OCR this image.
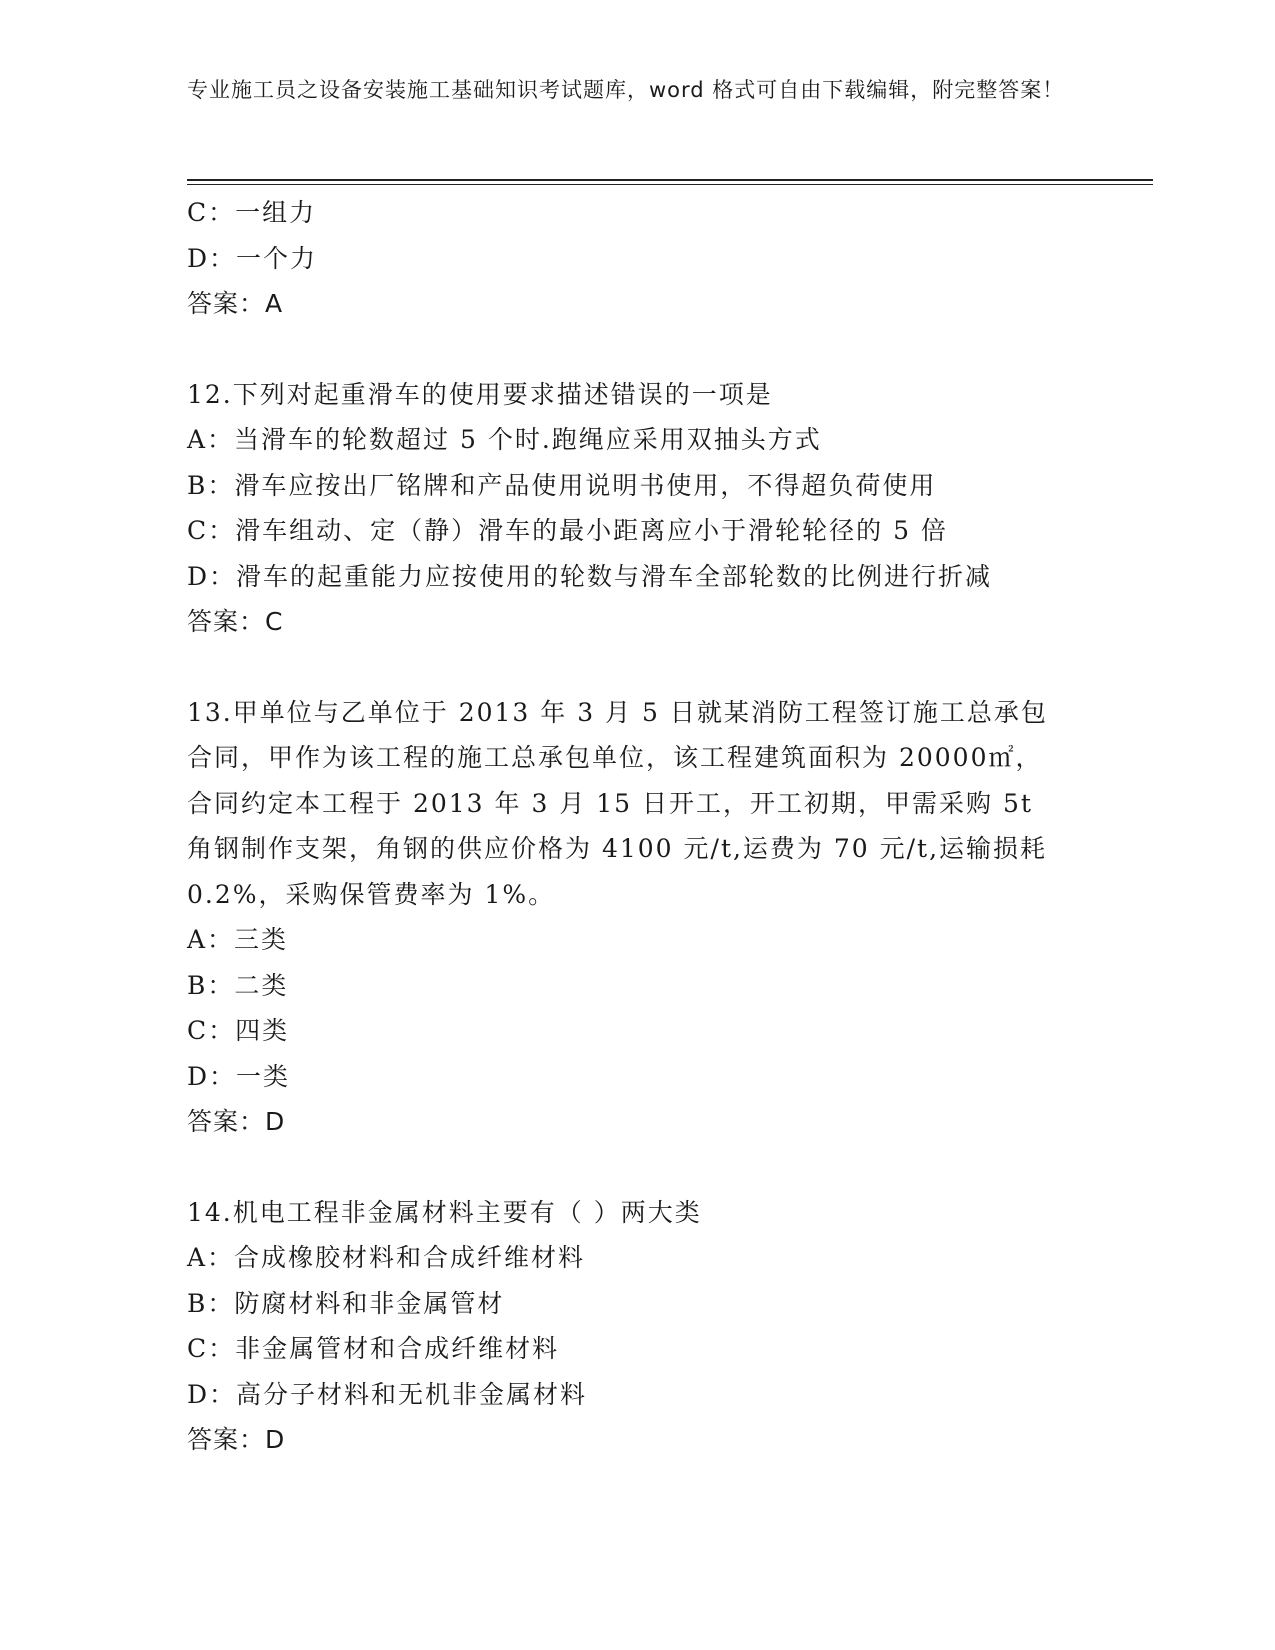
专业施工员之设备安装施工基础知识考试题库，word 格式可自由下载编辑，附完整答案！
C：一组力
D：一个力
答案：A
12.下列对起重滑车的使用要求描述错误的一项是
A：当滑车的轮数超过 5 个时.跑绳应采用双抽头方式
B：滑车应按出厂铭牌和产品使用说明书使用，不得超负荷使用
C：滑车组动、定（静）滑车的最小距离应小于滑轮轮径的 5 倍
D：滑车的起重能力应按使用的轮数与滑车全部轮数的比例进行折减
答案：C
13.甲单位与乙单位于 2013 年 3 月 5 日就某消防工程签订施工总承包合同，甲作为该工程的施工总承包单位，该工程建筑面积为 20000㎡，合同约定本工程于 2013 年 3 月 15 日开工，开工初期，甲需采购 5t 角钢制作支架，角钢的供应价格为 4100 元/t,运费为 70 元/t,运输损耗 0.2%，采购保管费率为 1%。
A：三类
B：二类
C：四类
D：一类
答案：D
14.机电工程非金属材料主要有（ ）两大类
A：合成橡胶材料和合成纤维材料
B：防腐材料和非金属管材
C：非金属管材和合成纤维材料
D：高分子材料和无机非金属材料
答案：D
